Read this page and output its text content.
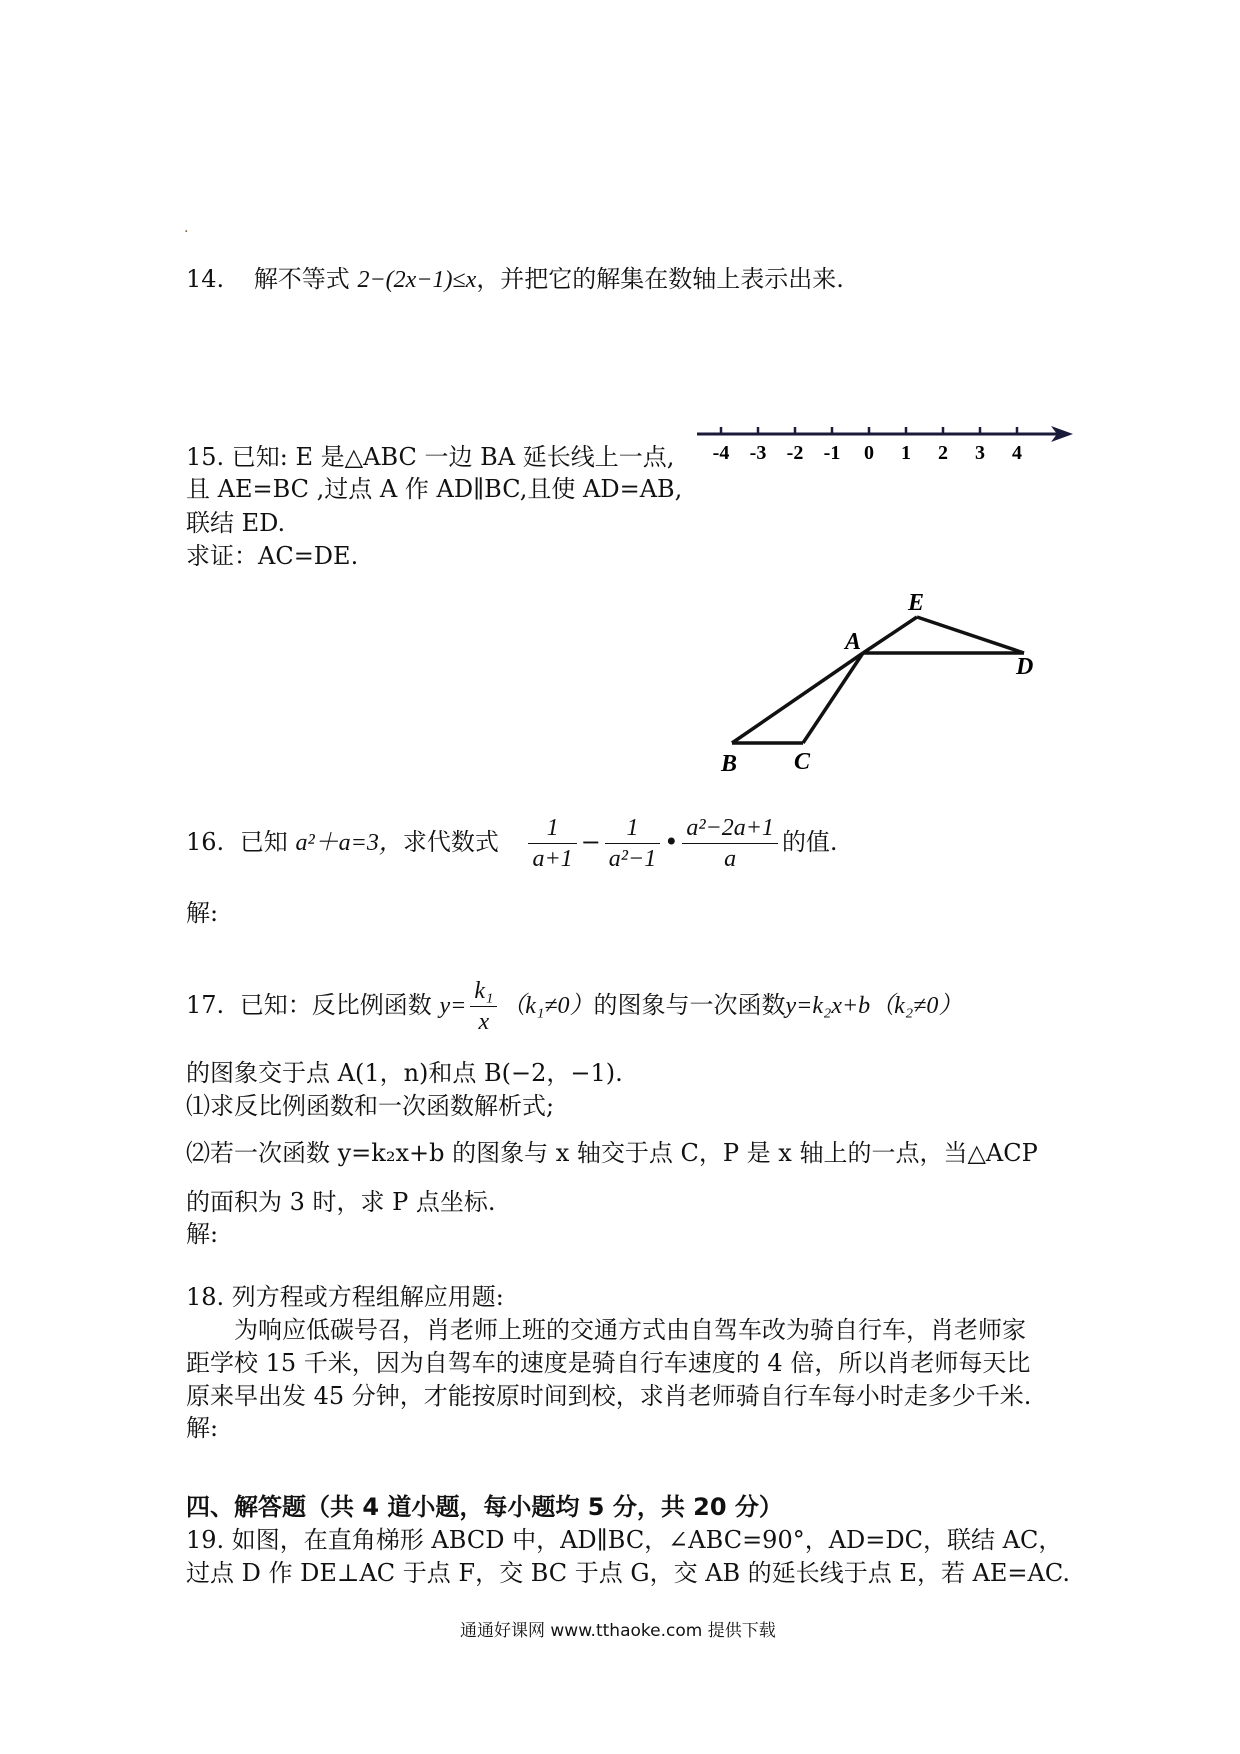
.
14. 解不等式 2−(2x−1)≤x，并把它的解集在数轴上表示出来.
-4 -3 -2 -1 0 1 2 3 4
15. 已知: E 是△ABC 一边 BA 延长线上一点,
且 AE=BC ,过点 A 作 AD∥BC,且使 AD=AB,
联结 ED.
求证：AC=DE.
E
A
D
B C
16. 已知 a²＋a=3，求代数式 $\frac{1}{a+1} - \frac{1}{\text{a²−1}}$ • $\frac{\text{a²−2a+1}}{a}$ 的值.
解:
17. 已知：反比例函数 $y= \frac{\text{k₁}}{x} (k_1\ne 0)$的图象与一次函数y=k₂x+b（k₂≠0）
的图象交于点 A(1，n)和点 B(−2，−1).
⑴求反比例函数和一次函数解析式;
⑵若一次函数 y=k₂x+b 的图象与 x 轴交于点 C，P 是 x 轴上的一点，当△ACP
的面积为 3 时，求 P 点坐标.
解:
18. 列方程或方程组解应用题:
为响应低碳号召，肖老师上班的交通方式由自驾车改为骑自行车，肖老师家
距学校 15 千米，因为自驾车的速度是骑自行车速度的 4 倍，所以肖老师每天比
原来早出发 45 分钟，才能按原时间到校，求肖老师骑自行车每小时走多少千米.
解:
四、解答题（共 4 道小题，每小题均 5 分，共 20 分）
19. 如图，在直角梯形 ABCD 中，AD∥BC，∠ABC=90°，AD=DC，联结 AC，
过点 D 作 DE⊥AC 于点 F，交 BC 于点 G，交 AB 的延长线于点 E，若 AE=AC.
通通好课网 www.tthaoke.com 提供下载
